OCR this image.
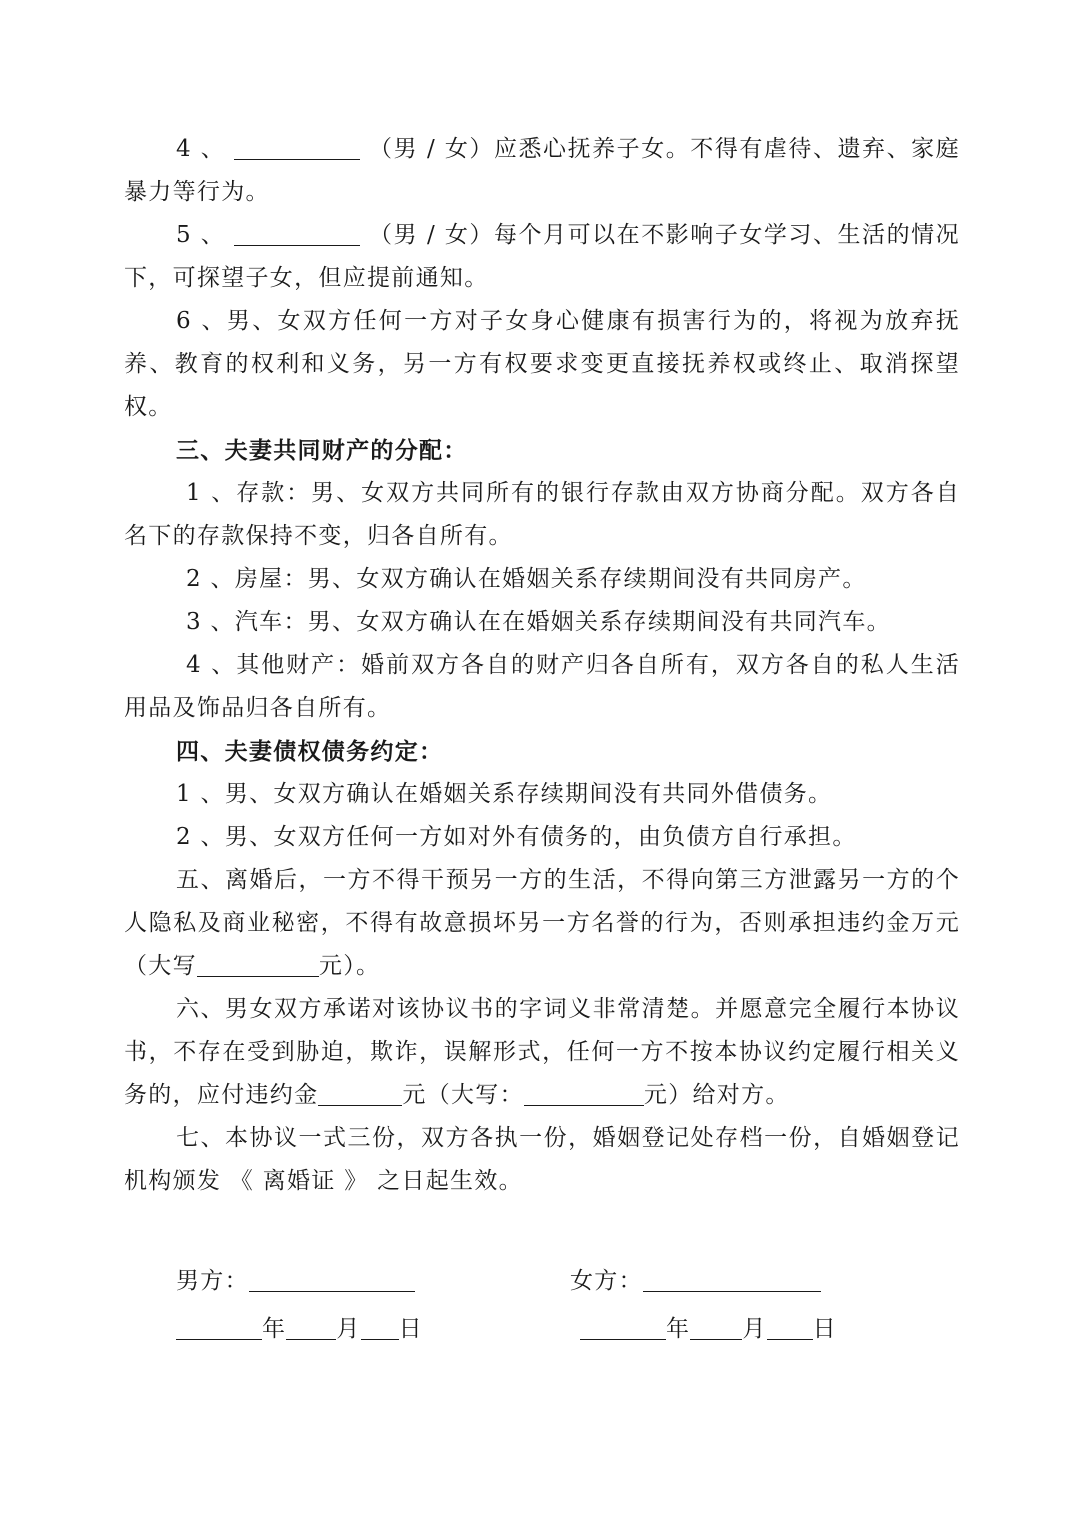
4 、	（男 / 女）应悉心抚养子女。不得有虐待、遗弃、家庭暴力等行为。

5 、	（男 / 女）每个月可以在不影响子女学习、生活的情况下，可探望子女，但应提前通知。

6 、男、女双方任何一方对子女身心健康有损害行为的，将视为放弃抚养、教育的权利和义务，另一方有权要求变更直接抚养权或终止、取消探望权。

三、夫妻共同财产的分配：

1 、存款：男、女双方共同所有的银行存款由双方协商分配。双方各自名下的存款保持不变，归各自所有。

2 、房屋：男、女双方确认在婚姻关系存续期间没有共同房产。

3 、汽车：男、女双方确认在在婚姻关系存续期间没有共同汽车。

4 、其他财产：婚前双方各自的财产归各自所有，双方各自的私人生活用品及饰品归各自所有。

四、夫妻债权债务约定：

1 、男、女双方确认在婚姻关系存续期间没有共同外借债务。

2 、男、女双方任何一方如对外有债务的，由负债方自行承担。

五、离婚后，一方不得干预另一方的生活，不得向第三方泄露另一方的个人隐私及商业秘密，不得有故意损坏另一方名誉的行为，否则承担违约金万元（大写	元）。

六、男女双方承诺对该协议书的字词义非常清楚。并愿意完全履行本协议书，不存在受到胁迫，欺诈，误解形式，任何一方不按本协议约定履行相关义务的，应付违约金	元（大写：	元）给对方。

七、本协议一式三份，双方各执一份，婚姻登记处存档一份，自婚姻登记机构颁发 《 离婚证 》 之日起生效。

男方：	女方：
年 月 日	年 月 日
